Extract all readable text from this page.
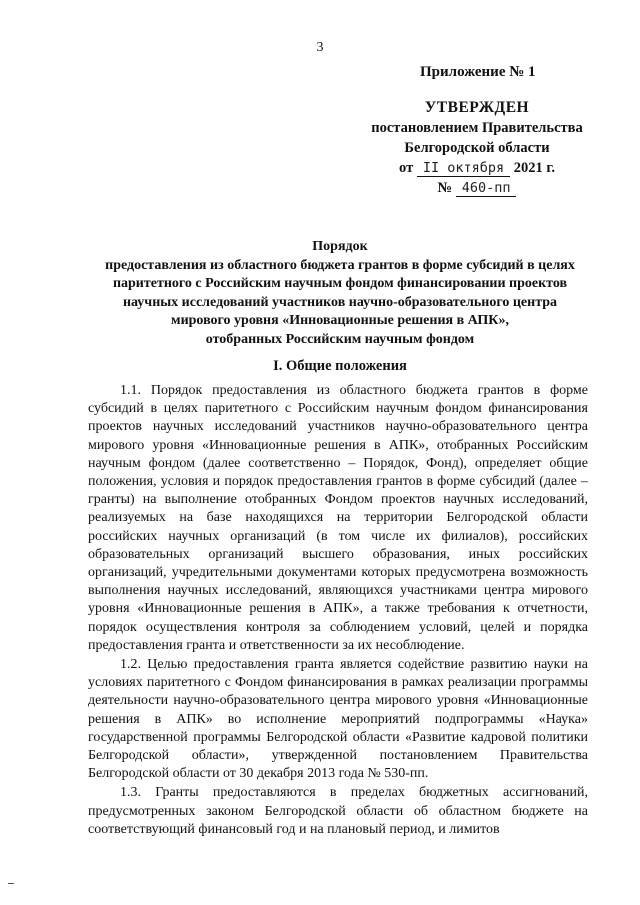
3
Приложение № 1
УТВЕРЖДЕН
постановлением Правительства
Белгородской области
от II октября 2021 г.
№ 460-пп
Порядок
предоставления из областного бюджета грантов в форме субсидий в целях
паритетного с Российским научным фондом финансировании проектов
научных исследований участников научно-образовательного центра
мирового уровня «Инновационные решения в АПК»,
отобранных Российским научным фондом
I. Общие положения

1.1. Порядок предоставления из областного бюджета грантов в форме субсидий в целях паритетного с Российским научным фондом финансирования проектов научных исследований участников научно-образовательного центра мирового уровня «Инновационные решения в АПК», отобранных Российским научным фондом (далее соответственно – Порядок, Фонд), определяет общие положения, условия и порядок предоставления грантов в форме субсидий (далее – гранты) на выполнение отобранных Фондом проектов научных исследований, реализуемых на базе находящихся на территории Белгородской области российских научных организаций (в том числе их филиалов), российских образовательных организаций высшего образования, иных российских организаций, учредительными документами которых предусмотрена возможность выполнения научных исследований, являющихся участниками центра мирового уровня «Инновационные решения в АПК», а также требования к отчетности, порядок осуществления контроля за соблюдением условий, целей и порядка предоставления гранта и ответственности за их несоблюдение.

1.2. Целью предоставления гранта является содействие развитию науки на условиях паритетного с Фондом финансирования в рамках реализации программы деятельности научно-образовательного центра мирового уровня «Инновационные решения в АПК» во исполнение мероприятий подпрограммы «Наука» государственной программы Белгородской области «Развитие кадровой политики Белгородской области», утвержденной постановлением Правительства Белгородской области от 30 декабря 2013 года № 530-пп.

1.3. Гранты предоставляются в пределах бюджетных ассигнований, предусмотренных законом Белгородской области об областном бюджете на соответствующий финансовый год и на плановый период, и лимитов
